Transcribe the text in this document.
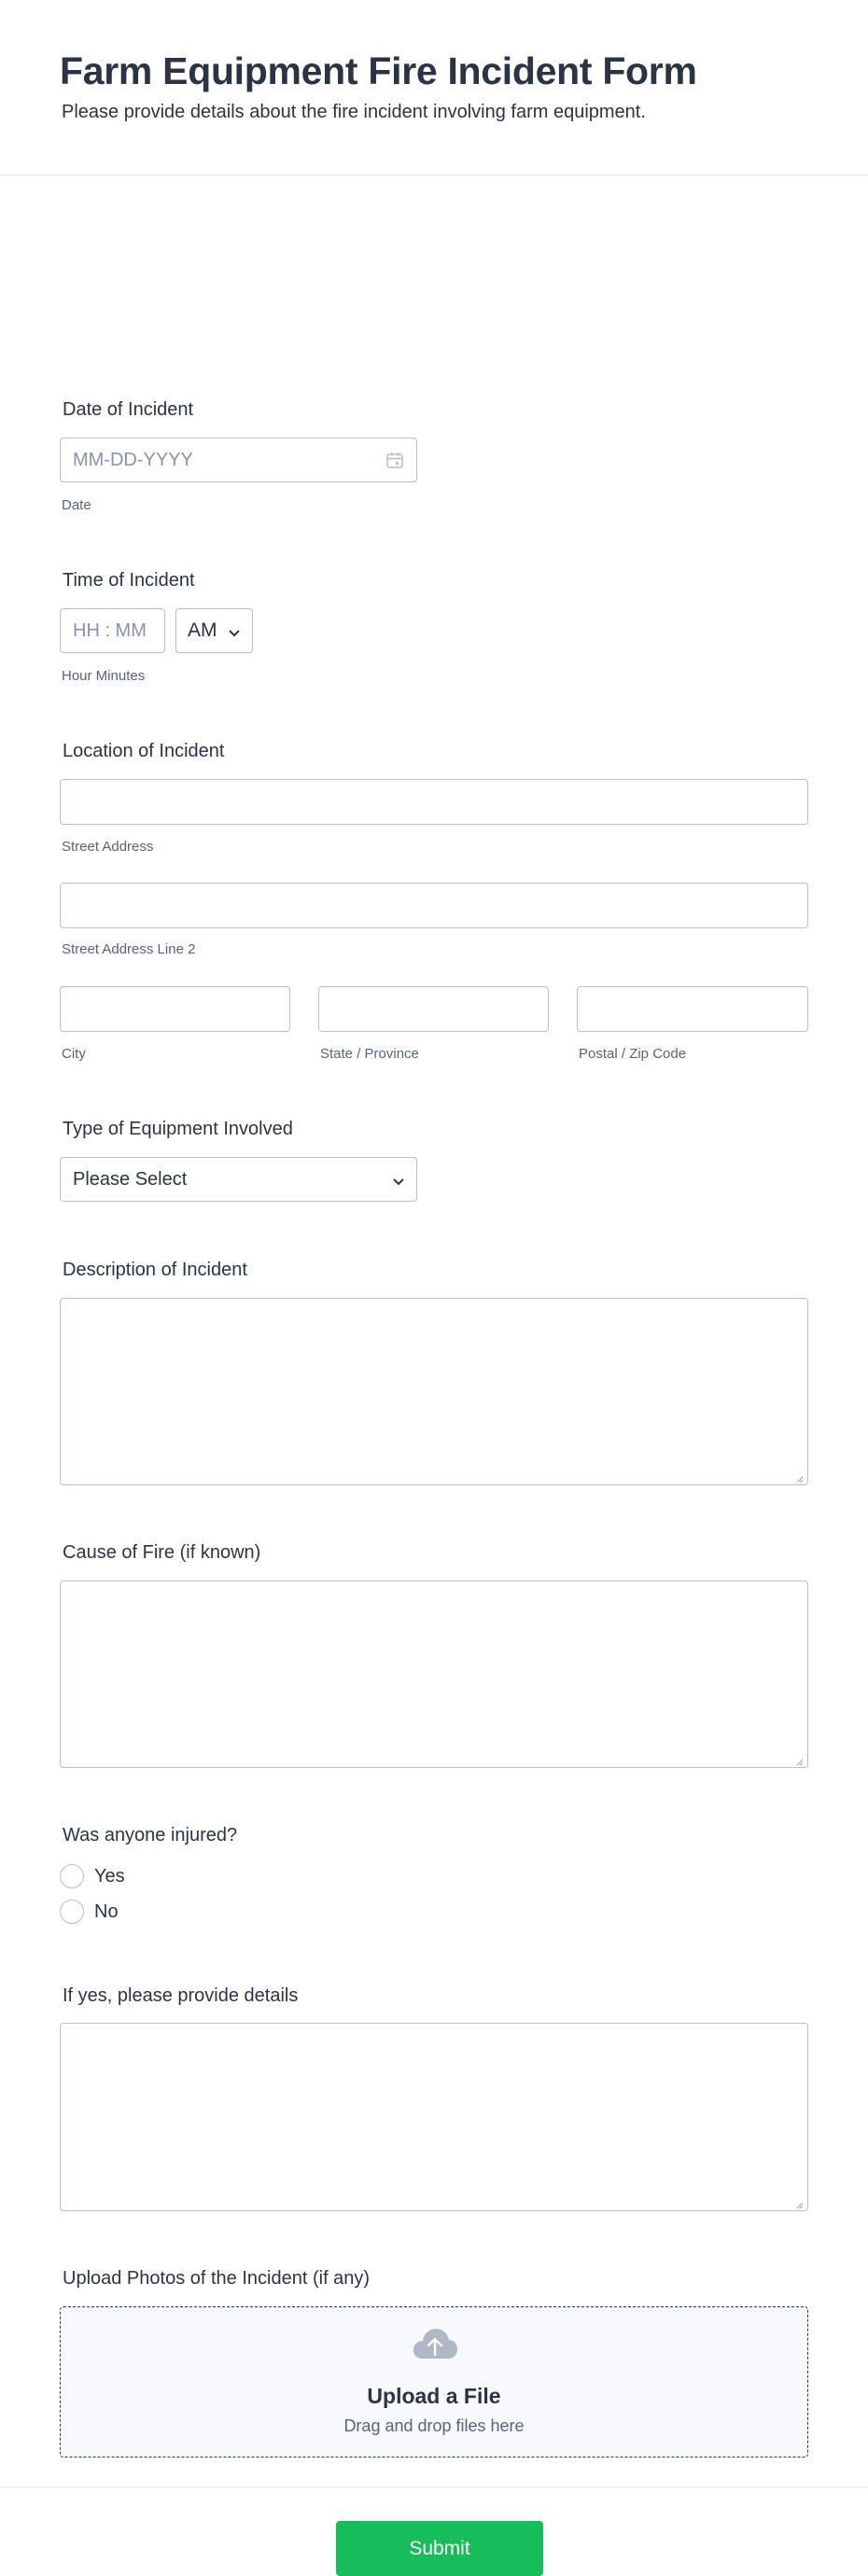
Farm Equipment Fire Incident Form

Please provide details about the fire incident involving farm equipment.

Date of Incident
MM-DD-YYYY
Date
Time of Incident
HH : MM AM
Hour Minutes
Location of Incident
Street Address
Street Address Line 2
City	State / Province	Postal / Zip Code
Type of Equipment Involved
Please Select
Description of Incident
Cause of Fire (if known)
Was anyone injured?
Yes
No
If yes, please provide details
Upload Photos of the Incident (if any)
Upload a File
Drag and drop files here
Submit
